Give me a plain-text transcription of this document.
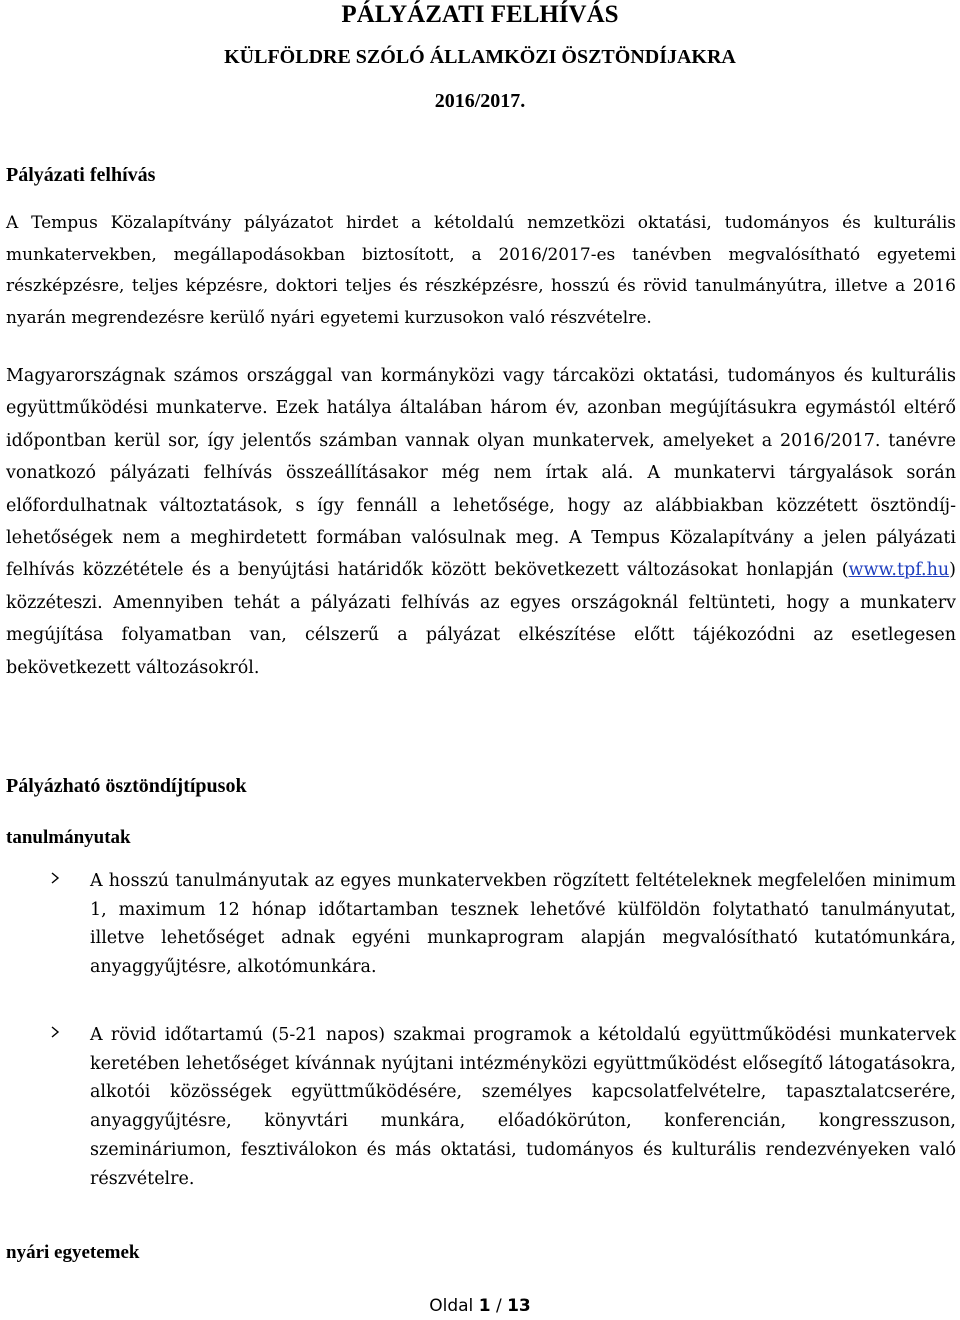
PÁLYÁZATI FELHÍVÁS
KÜLFÖLDRE SZÓLÓ ÁLLAMKÖZI ÖSZTÖNDÍJAKRA
2016/2017.
Pályázati felhívás
A Tempus Közalapítvány pályázatot hirdet a kétoldalú nemzetközi oktatási, tudományos és kulturális munkatervekben, megállapodásokban biztosított, a 2016/2017-es tanévben megvalósítható egyetemi részképzésre, teljes képzésre, doktori teljes és részképzésre, hosszú és rövid tanulmányútra, illetve a 2016 nyarán megrendezésre kerülő nyári egyetemi kurzusokon való részvételre.
Magyarországnak számos országgal van kormányközi vagy tárcaközi oktatási, tudományos és kulturális együttműködési munkaterve. Ezek hatálya általában három év, azonban megújításukra egymástól eltérő időpontban kerül sor, így jelentős számban vannak olyan munkatervek, amelyeket a 2016/2017. tanévre vonatkozó pályázati felhívás összeállításakor még nem írtak alá. A munkatervi tárgyalások során előfordulhatnak változtatások, s így fennáll a lehetősége, hogy az alábbiakban közzétett ösztöndíj-lehetőségek nem a meghirdetett formában valósulnak meg. A Tempus Közalapítvány a jelen pályázati felhívás közzététele és a benyújtási határidők között bekövetkezett változásokat honlapján (www.tpf.hu) közzéteszi. Amennyiben tehát a pályázati felhívás az egyes országoknál feltünteti, hogy a munkaterv megújítása folyamatban van, célszerű a pályázat elkészítése előtt tájékozódni az esetlegesen bekövetkezett változásokról.
Pályázható ösztöndíjtípusok
tanulmányutak
A hosszú tanulmányutak az egyes munkatervekben rögzített feltételeknek megfelelően minimum 1, maximum 12 hónap időtartamban tesznek lehetővé külföldön folytatható tanulmányutat, illetve lehetőséget adnak egyéni munkaprogram alapján megvalósítható kutatómunkára, anyaggyűjtésre, alkotómunkára.
A rövid időtartamú (5-21 napos) szakmai programok a kétoldalú együttműködési munkatervek keretében lehetőséget kívánnak nyújtani intézményközi együttműködést elősegítő látogatásokra, alkotói közösségek együttműködésére, személyes kapcsolatfelvételre, tapasztalatcserére, anyaggyűjtésre, könyvtári munkára, előadókörúton, konferencián, kongresszuson, szemináriumon, fesztiválokon és más oktatási, tudományos és kulturális rendezvényeken való részvételre.
nyári egyetemek
Oldal 1 / 13
